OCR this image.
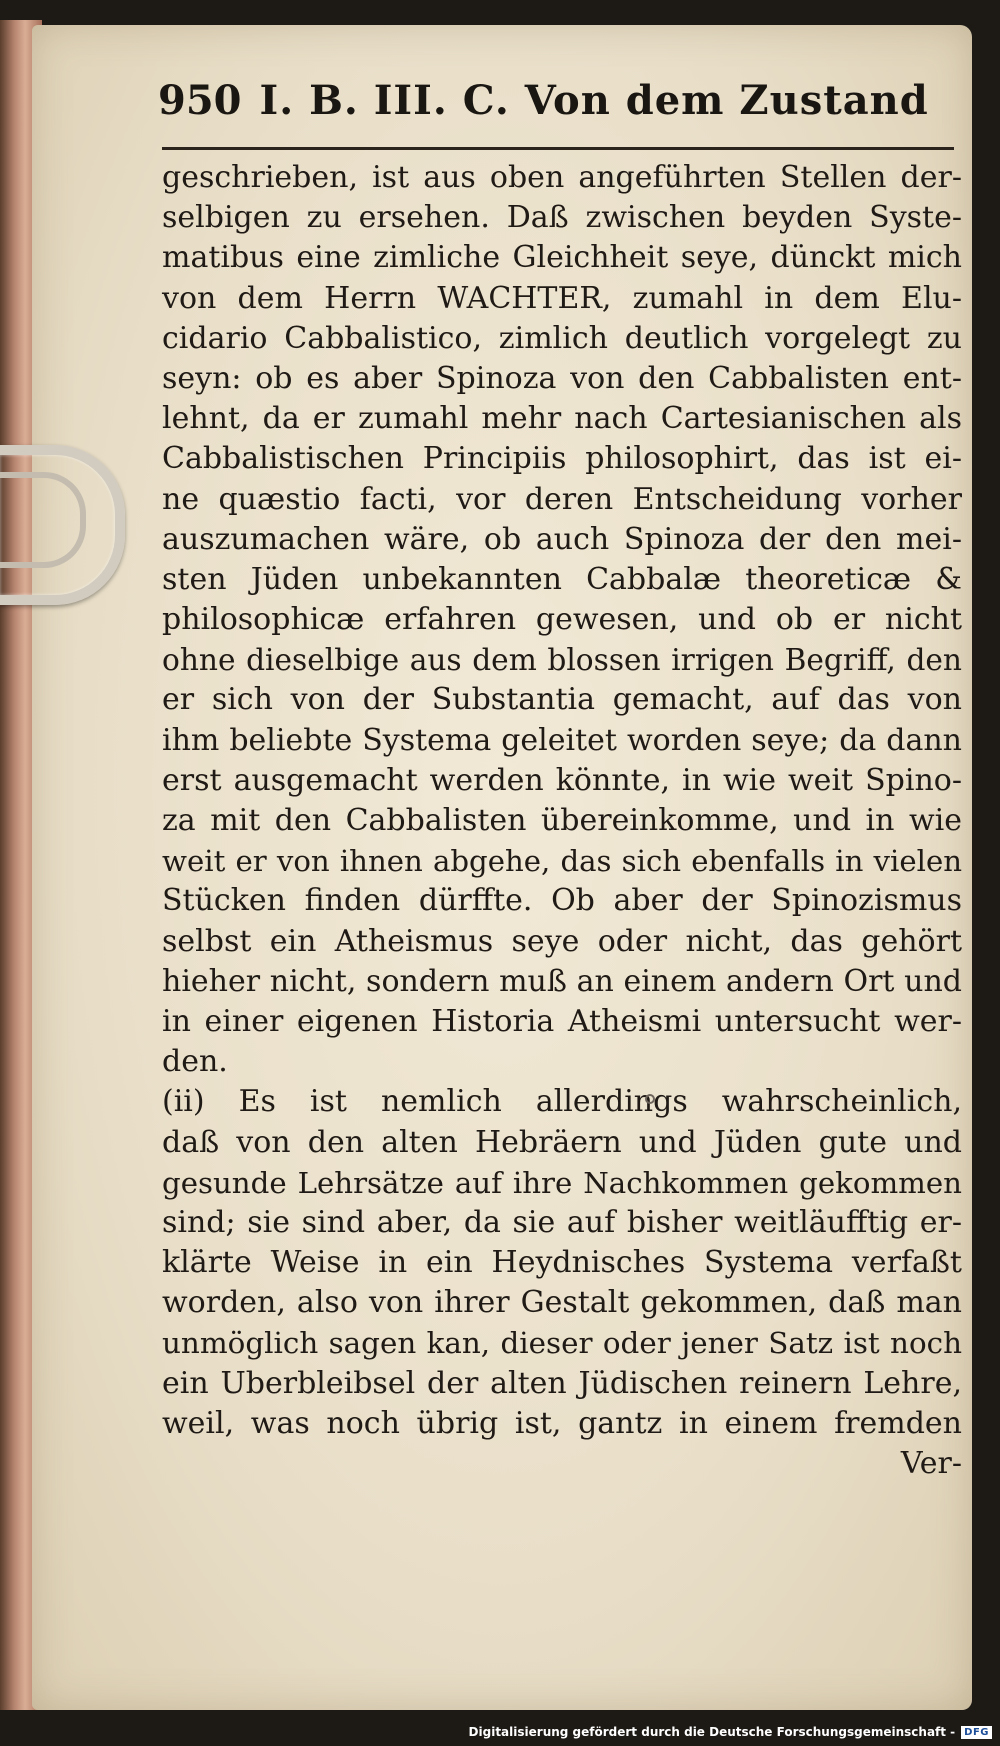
950 I. B. III. C. Von dem Zustand
geschrieben, ist aus oben angeführten Stellen der-
selbigen zu ersehen. Daß zwischen beyden Syste-
matibus eine zimliche Gleichheit seye, dünckt mich
von dem Herrn WACHTER, zumahl in dem Elu-
cidario Cabbalistico, zimlich deutlich vorgelegt zu
seyn: ob es aber Spinoza von den Cabbalisten ent-
lehnt, da er zumahl mehr nach Cartesianischen als
Cabbalistischen Principiis philosophirt, das ist ei-
ne quæstio facti, vor deren Entscheidung vorher
auszumachen wäre, ob auch Spinoza der den mei-
sten Jüden unbekannten Cabbalæ theoreticæ &
philosophicæ erfahren gewesen, und ob er nicht
ohne dieselbige aus dem blossen irrigen Begriff, den
er sich von der Substantia gemacht, auf das von
ihm beliebte Systema geleitet worden seye; da dann
erst ausgemacht werden könnte, in wie weit Spino-
za mit den Cabbalisten übereinkomme, und in wie
weit er von ihnen abgehe, das sich ebenfalls in vielen
Stücken finden dürffte. Ob aber der Spinozismus
selbst ein Atheismus seye oder nicht, das gehört
hieher nicht, sondern muß an einem andern Ort und
in einer eigenen Historia Atheismi untersucht wer-
den.
(ii) Es ist nemlich allerdings wahrscheinlich,
daß von den alten Hebräern und Jüden gute und
gesunde Lehrsätze auf ihre Nachkommen gekommen
sind; sie sind aber, da sie auf bisher weitläufftig er-
klärte Weise in ein Heydnisches Systema verfaßt
worden, also von ihrer Gestalt gekommen, daß man
unmöglich sagen kan, dieser oder jener Satz ist noch
ein Uberbleibsel der alten Jüdischen reinern Lehre,
weil, was noch übrig ist, gantz in einem fremden
Ver-
Digitalisierung gefördert durch die Deutsche Forschungsgemeinschaft - DFG
